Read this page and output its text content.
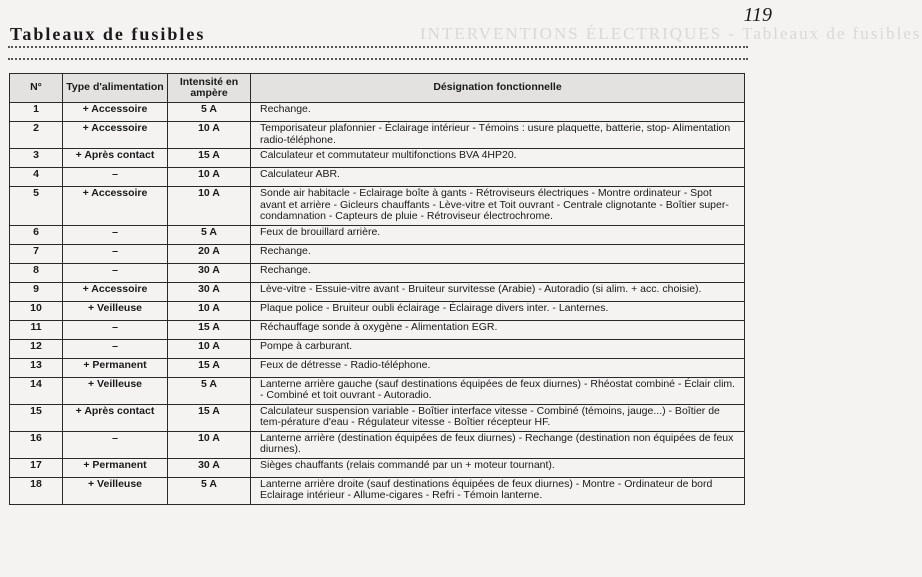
Tableaux de fusibles	INTERVENTIONS ÉLECTRIQUES - Tableaux de fusibles
119
N°	Type d'alimentation	Intensité en ampère	Désignation fonctionnelle
1	+ Accessoire	5 A	Rechange.
2	+ Accessoire	10 A	Temporisateur plafonnier - Éclairage intérieur - Témoins : usure plaquette, batterie, stop- Alimentation radio-téléphone.
3	+ Après contact	15 A	Calculateur et commutateur multifonctions BVA 4HP20.
4	–	10 A	Calculateur ABR.
5	+ Accessoire	10 A	Sonde air habitacle - Eclairage boîte à gants - Rétroviseurs électriques - Montre ordinateur - Spot avant et arrière - Gicleurs chauffants - Lève-vitre et Toit ouvrant - Centrale clignotante - Boîtier super-condamnation - Capteurs de pluie - Rétroviseur électrochrome.
6	–	5 A	Feux de brouillard arrière.
7	–	20 A	Rechange.
8	–	30 A	Rechange.
9	+ Accessoire	30 A	Lève-vitre - Essuie-vitre avant - Bruiteur survitesse (Arabie) - Autoradio (si alim. + acc. choisie).
10	+ Veilleuse	10 A	Plaque police - Bruiteur oubli éclairage - Éclairage divers inter. - Lanternes.
11	–	15 A	Réchauffage sonde à oxygène - Alimentation EGR.
12	–	10 A	Pompe à carburant.
13	+ Permanent	15 A	Feux de détresse - Radio-téléphone.
14	+ Veilleuse	5 A	Lanterne arrière gauche (sauf destinations équipées de feux diurnes) - Rhéostat combiné - Éclair clim. - Combiné et toit ouvrant - Autoradio.
15	+ Après contact	15 A	Calculateur suspension variable - Boîtier interface vitesse - Combiné (témoins, jauge...) - Boîtier de tem-pérature d'eau - Régulateur vitesse - Boîtier récepteur HF.
16	–	10 A	Lanterne arrière (destination équipées de feux diurnes) - Rechange (destination non équipées de feux diurnes).
17	+ Permanent	30 A	Sièges chauffants (relais commandé par un + moteur tournant).
18	+ Veilleuse	5 A	Lanterne arrière droite (sauf destinations équipées de feux diurnes) - Montre - Ordinateur de bord Eclairage intérieur - Allume-cigares - Refri - Témoin lanterne.
